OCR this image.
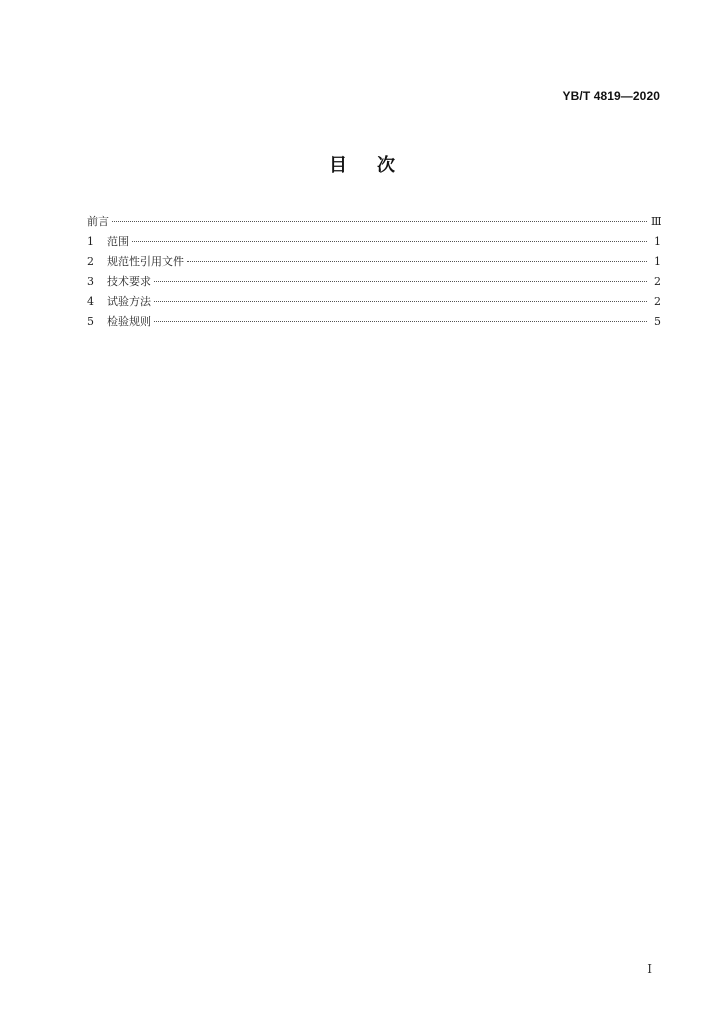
YB/T 4819—2020
目次
前言	Ⅲ
1	范围	1
2	规范性引用文件	1
3	技术要求	2
4	试验方法	2
5	检验规则	5
Ⅰ
